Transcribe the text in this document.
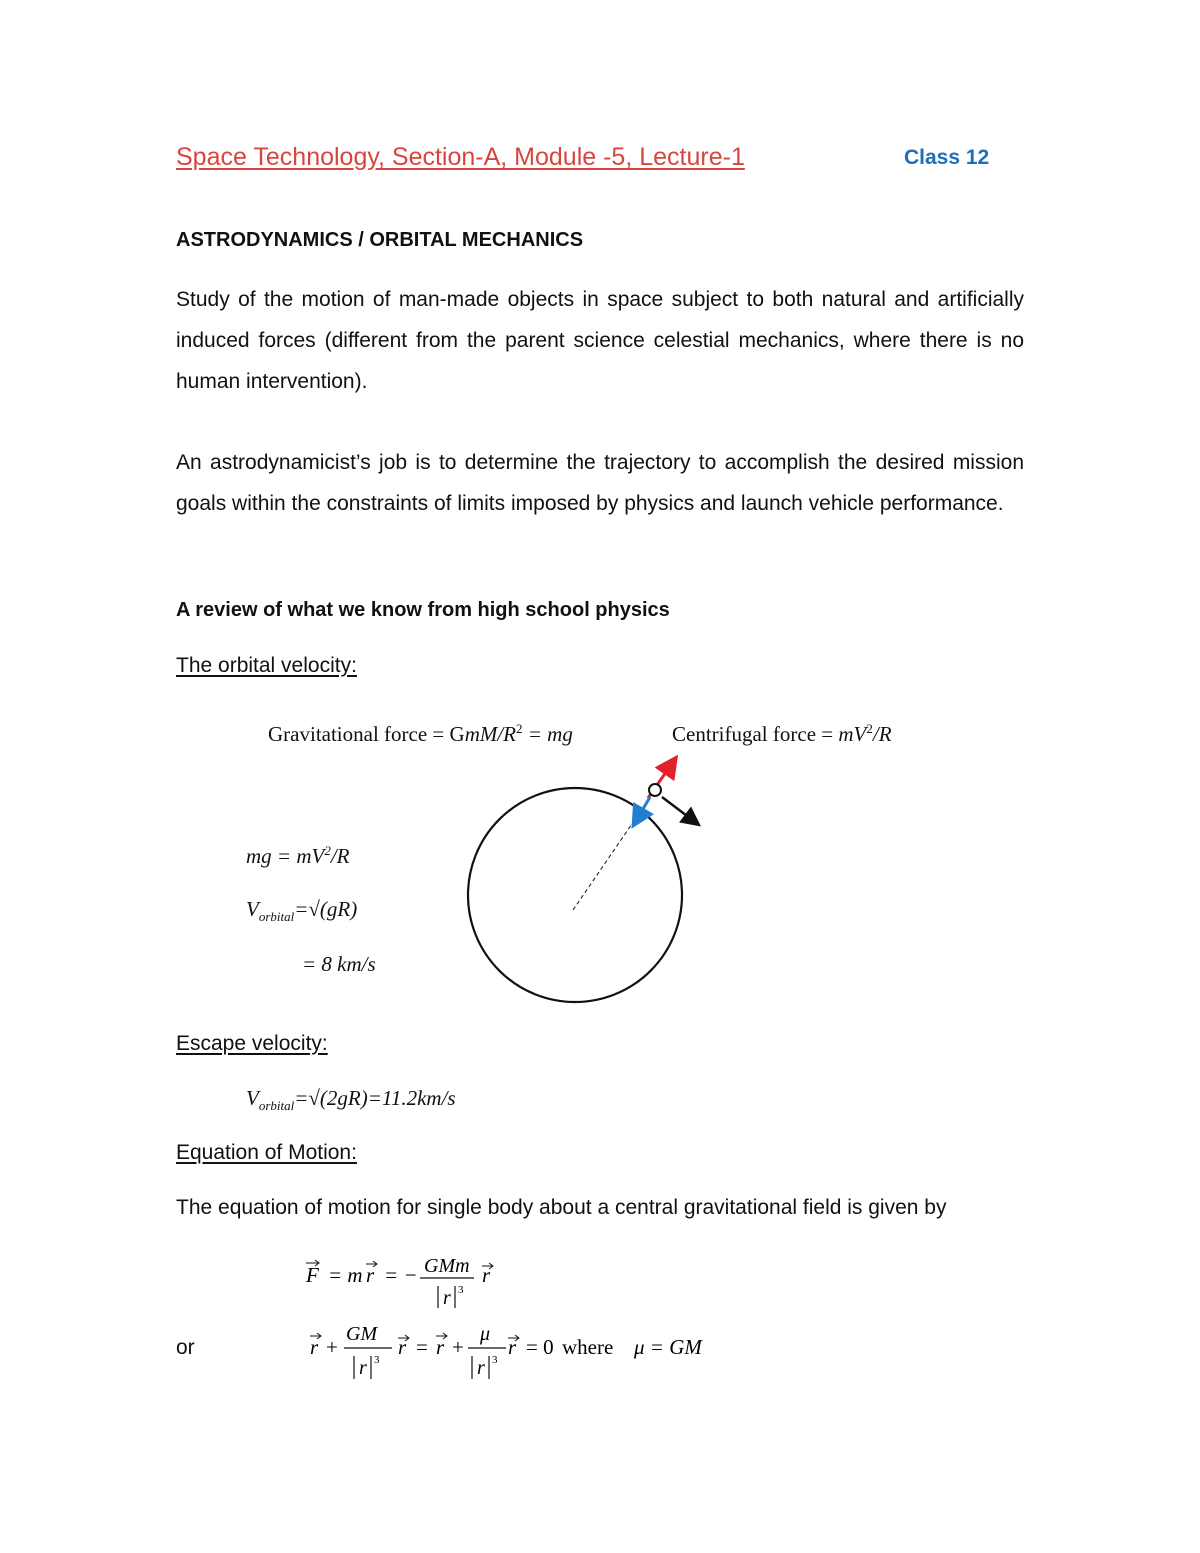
Space Technology, Section-A, Module -5, Lecture-1	Class 12
ASTRODYNAMICS / ORBITAL MECHANICS
Study of the motion of man-made objects in space subject to both natural and artificially induced forces (different from the parent science celestial mechanics, where there is no human intervention).
An astrodynamicist’s job is to determine the trajectory to accomplish the desired mission goals within the constraints of limits imposed by physics and launch vehicle performance.
A review of what we know from high school physics
The orbital velocity:
Gravitational force = GmM/$R^2$ = mg	Centrifugal force = $mV^2/R$
mg = $mV^2/R$
$V_{orbital}=√(gR)$
= 8 km/s
Escape velocity:
$V_{orbital}=√(2gR)=11.2km/s$
Equation of Motion:
The equation of motion for single body about a central gravitational field is given by
F = m r = − GMm
r 3
r
or	r +
GM
r 3
r = r +
μ
r 3
r = 0 where μ = GM
